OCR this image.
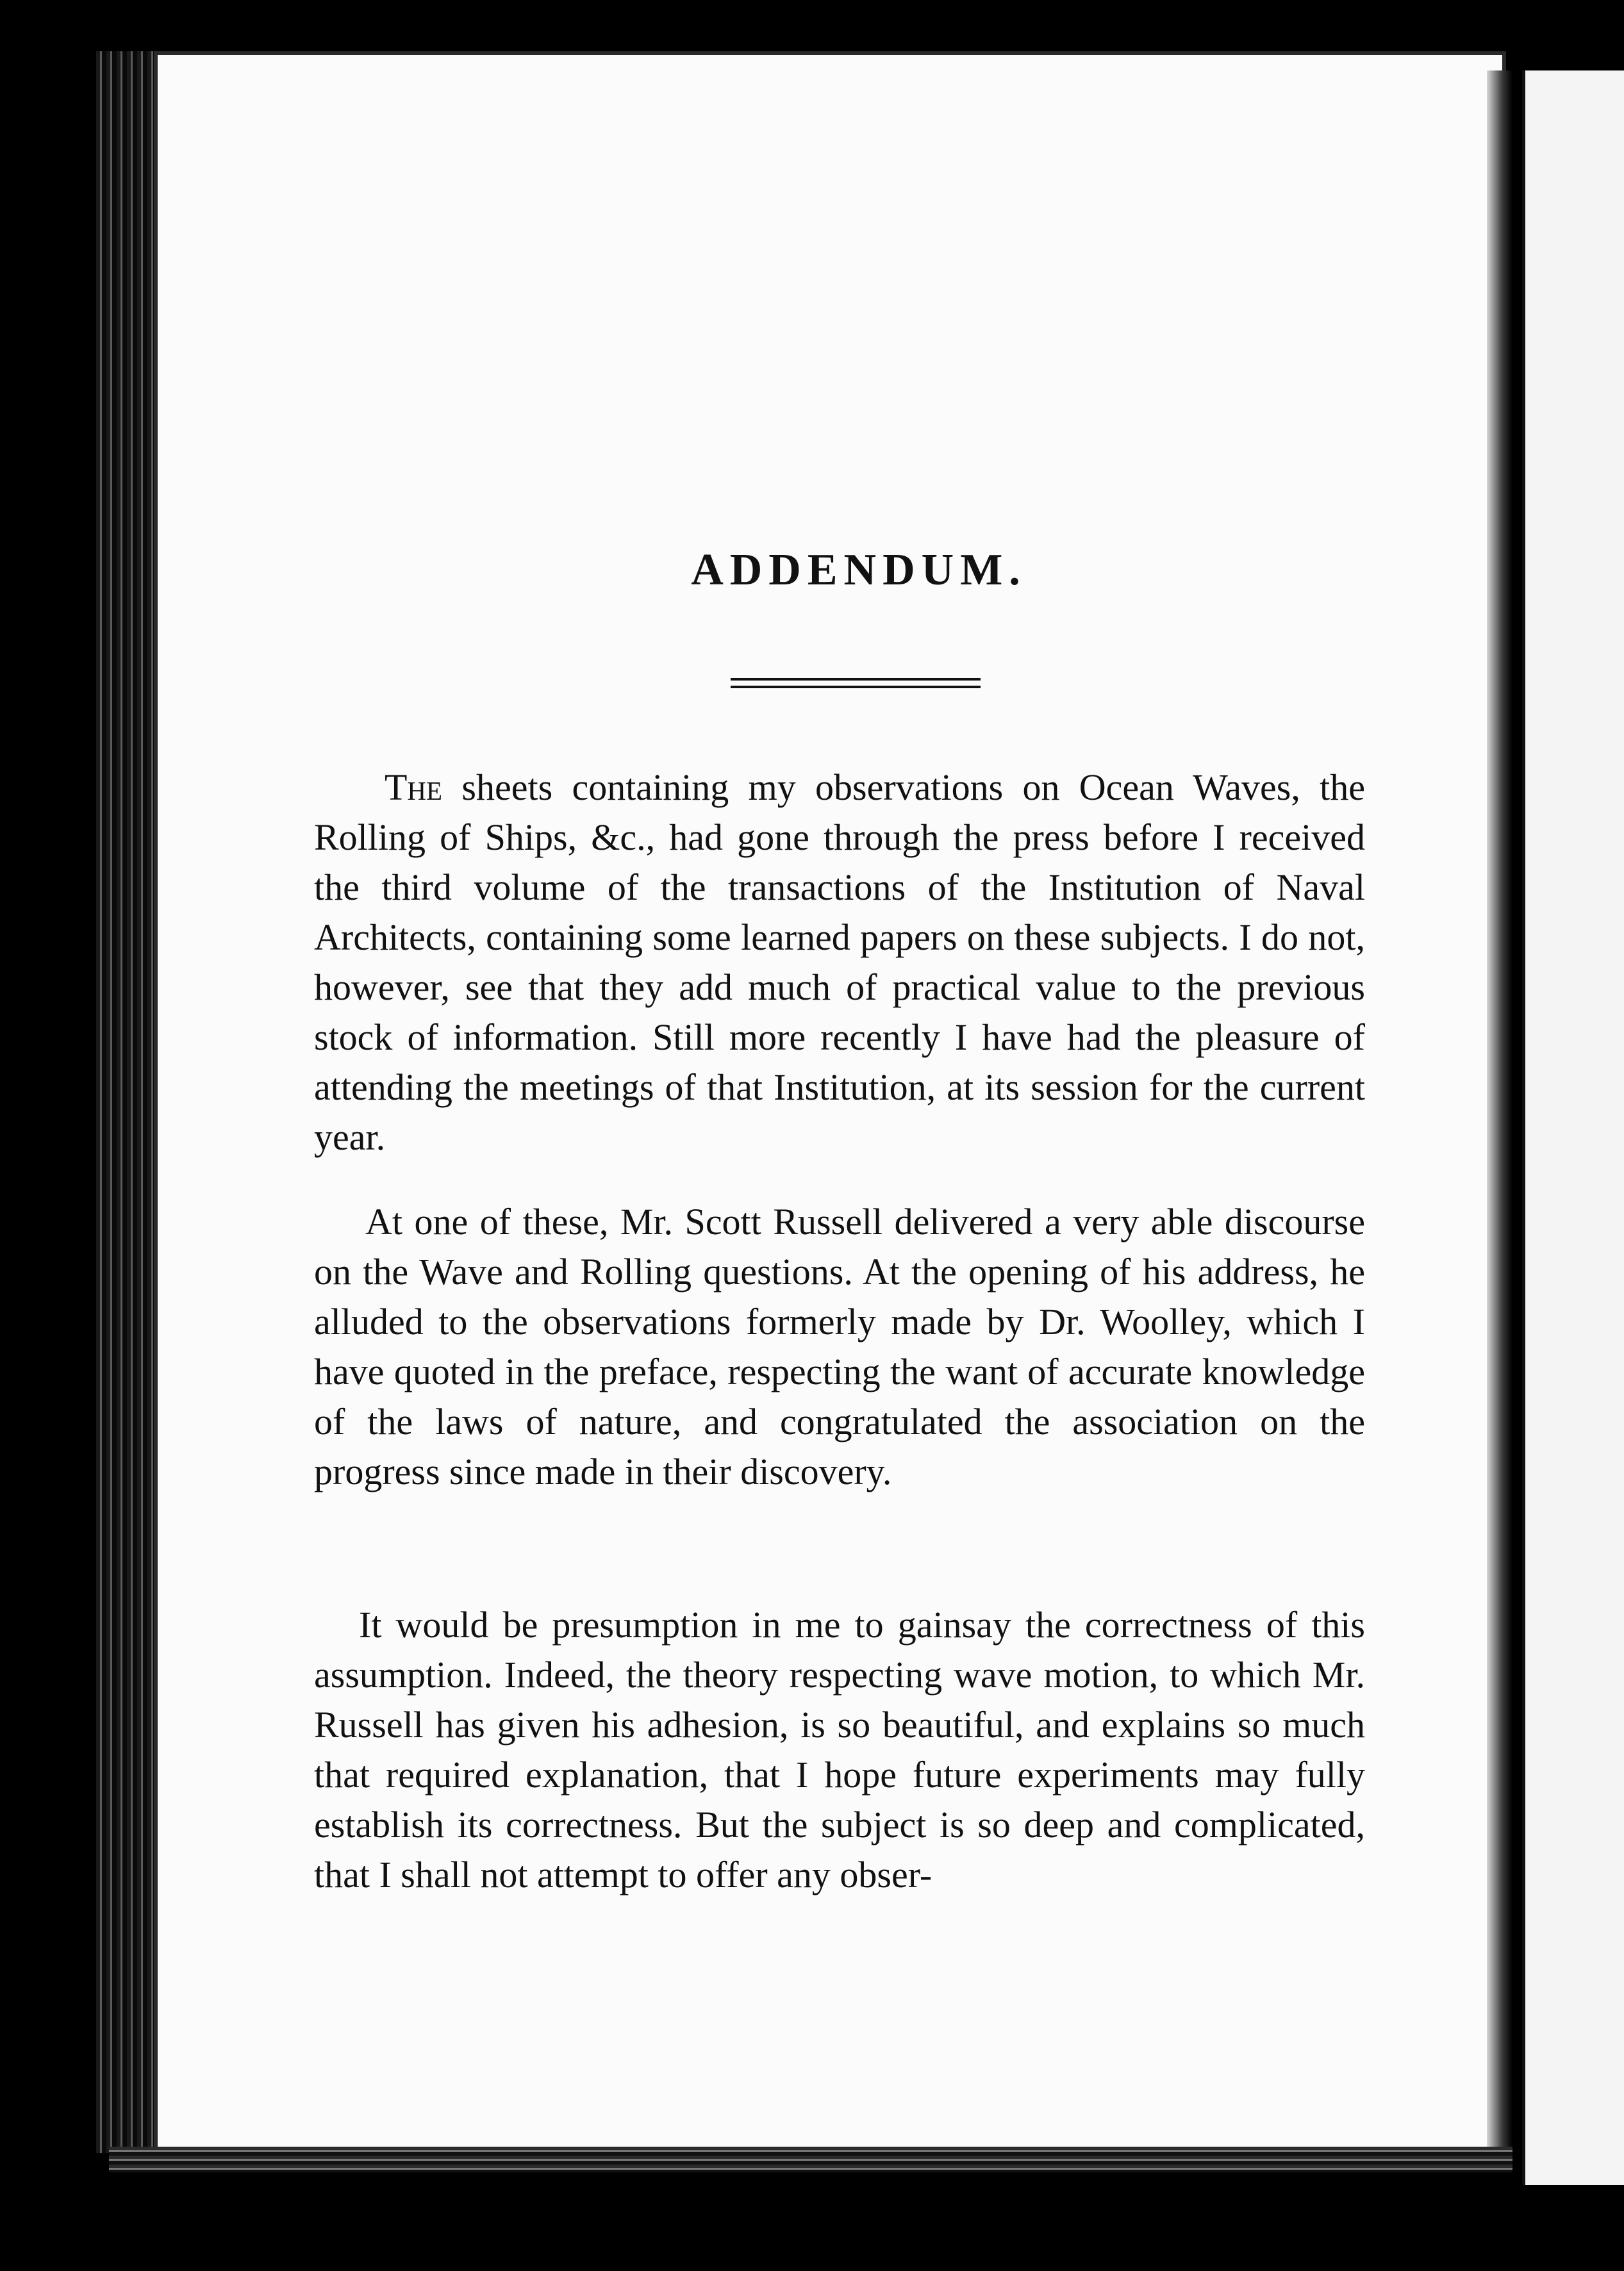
ADDENDUM.

The sheets containing my observations on Ocean Waves, the Rolling of Ships, &c., had gone through the press before I received the third volume of the transactions of the Institution of Naval Architects, containing some learned papers on these subjects. I do not, however, see that they add much of practical value to the previous stock of information. Still more recently I have had the pleasure of attending the meetings of that Institution, at its session for the current year.

At one of these, Mr. Scott Russell delivered a very able discourse on the Wave and Rolling questions. At the opening of his address, he alluded to the observations formerly made by Dr. Woolley, which I have quoted in the preface, respecting the want of accurate knowledge of the laws of nature, and congratulated the association on the progress since made in their discovery.

It would be presumption in me to gainsay the correctness of this assumption. Indeed, the theory respecting wave motion, to which Mr. Russell has given his adhesion, is so beautiful, and explains so much that required explanation, that I hope future experiments may fully establish its correctness. But the subject is so deep and complicated, that I shall not attempt to offer any obser-
